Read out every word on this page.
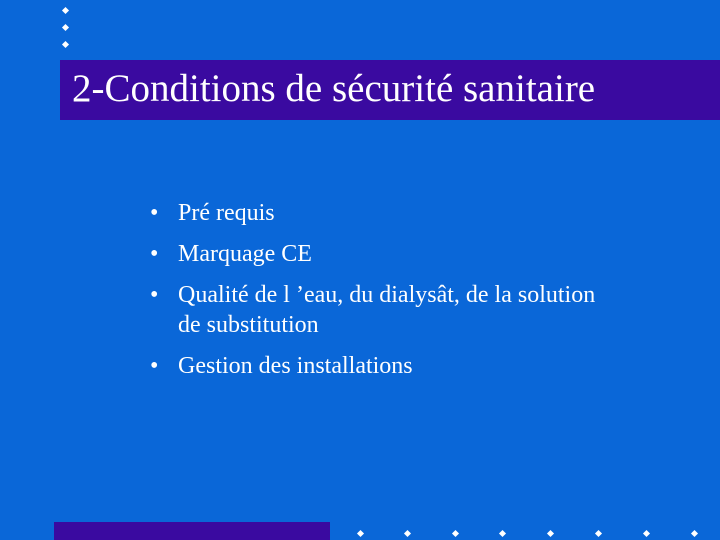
2-Conditions de sécurité sanitaire
• Pré requis
• Marquage CE
• Qualité de l ’eau, du dialysât, de la solution de substitution
• Gestion des installations
